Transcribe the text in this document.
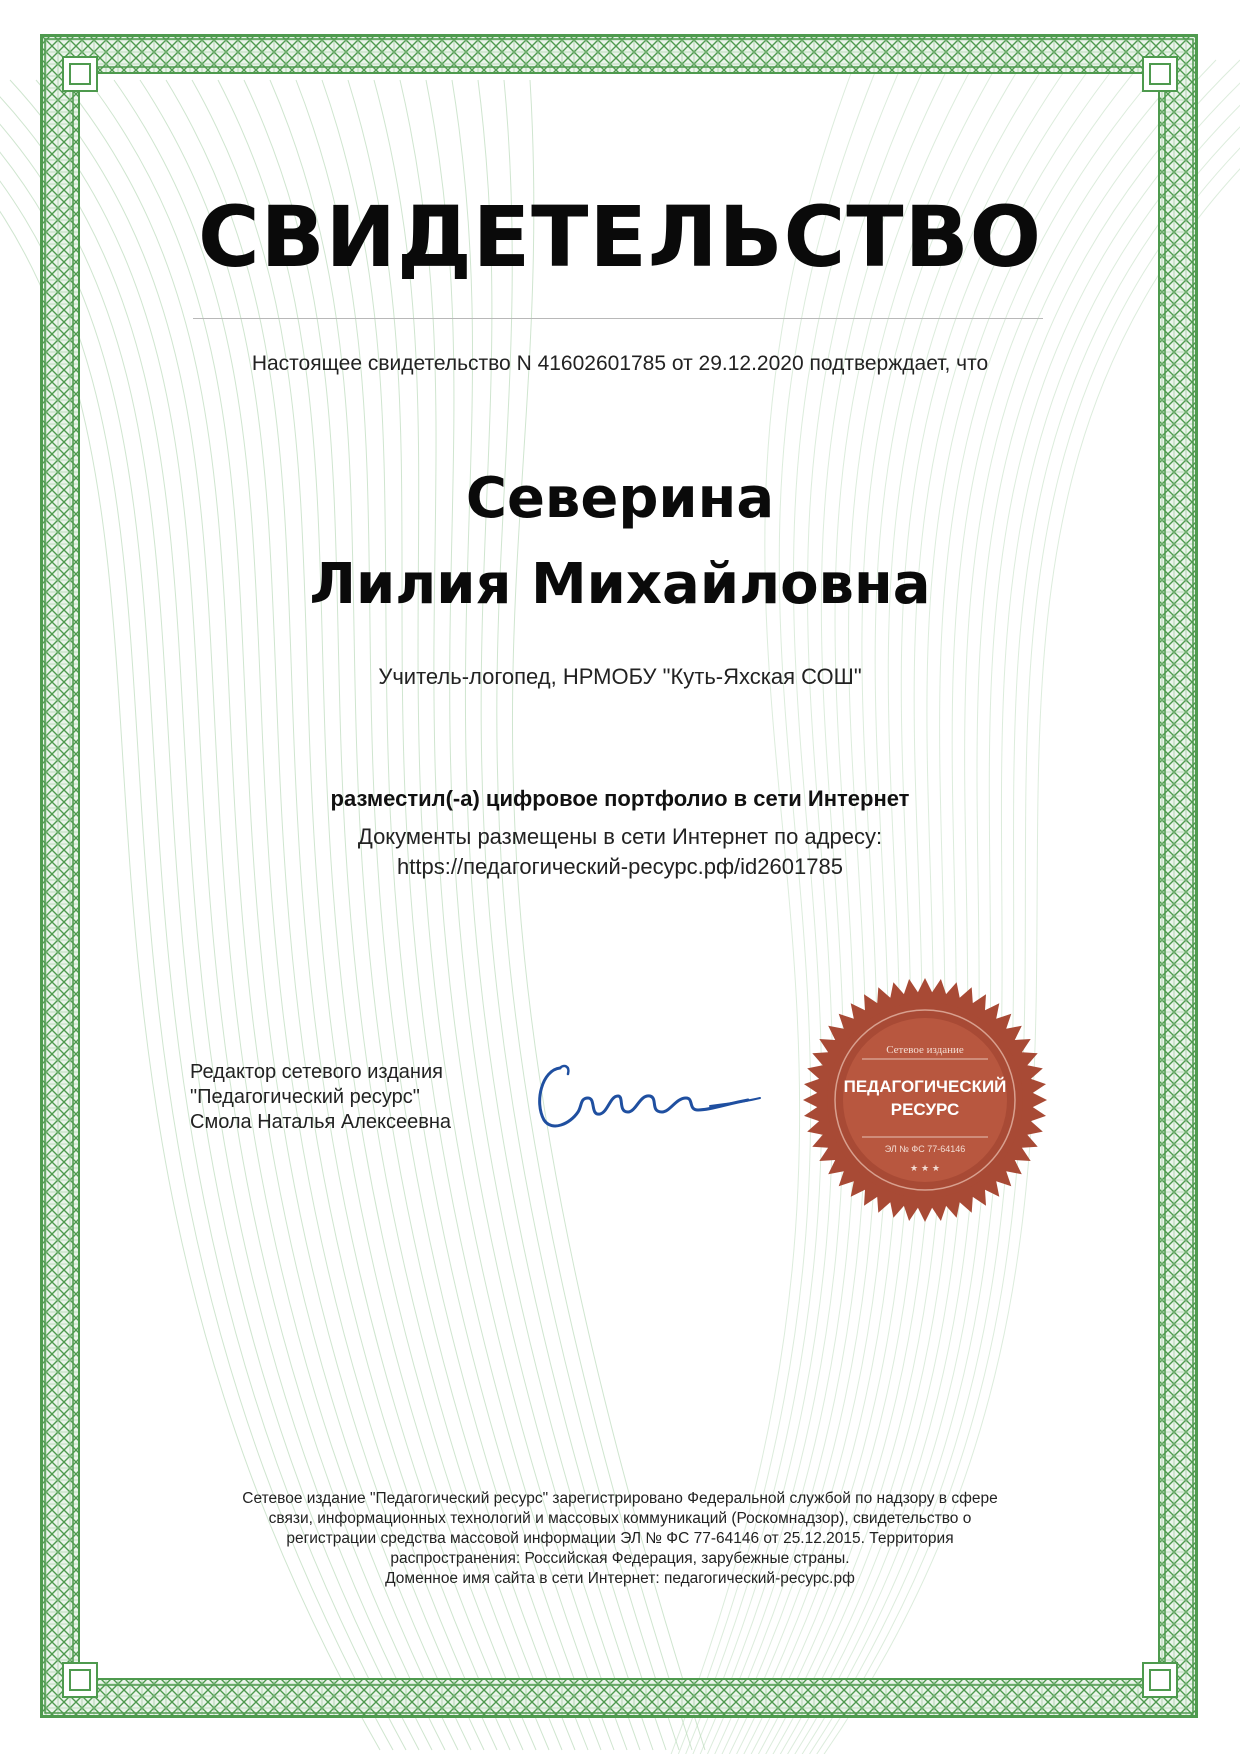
СВИДЕТЕЛЬСТВО
Настоящее свидетельство N 41602601785 от 29.12.2020 подтверждает, что
Северина
Лилия Михайловна
Учитель-логопед, НРМОБУ "Куть-Яхская СОШ"
разместил(-а) цифровое портфолио в сети Интернет
Документы размещены в сети Интернет по адресу:
https://педагогический-ресурс.рф/id2601785
Редактор сетевого издания
"Педагогический ресурс"
Смола Наталья Алексеевна
Сетевое издание
ПЕДАГОГИЧЕСКИЙ
РЕСУРС
ЭЛ № ФС 77-64146
★ ★ ★
Сетевое издание "Педагогический ресурс" зарегистрировано Федеральной службой по надзору в сфере
связи, информационных технологий и массовых коммуникаций (Роскомнадзор), свидетельство о
регистрации средства массовой информации ЭЛ № ФС 77-64146 от 25.12.2015. Территория
распространения: Российская Федерация, зарубежные страны.
Доменное имя сайта в сети Интернет: педагогический-ресурс.рф
